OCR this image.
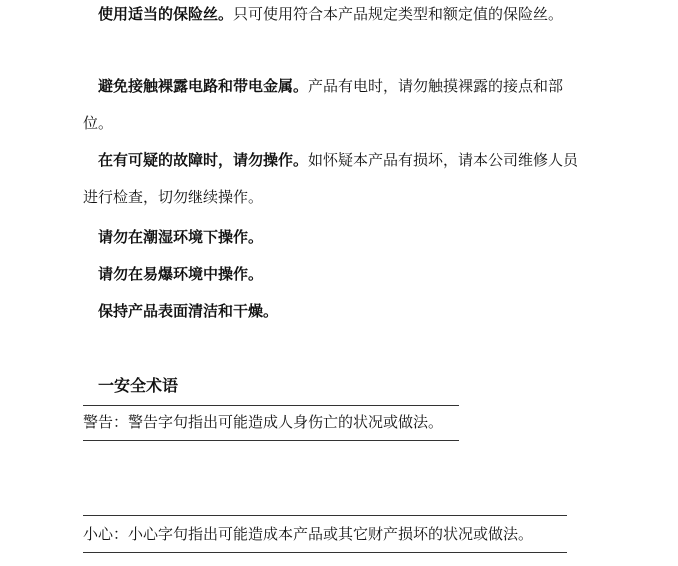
使用适当的保险丝。只可使用符合本产品规定类型和额定值的保险丝。

避免接触裸露电路和带电金属。产品有电时，请勿触摸裸露的接点和部位。

在有可疑的故障时，请勿操作。如怀疑本产品有损坏，请本公司维修人员进行检查，切勿继续操作。

请勿在潮湿环境下操作。

请勿在易爆环境中操作。

保持产品表面清洁和干燥。

一安全术语

警告：警告字句指出可能造成人身伤亡的状况或做法。

小心：小心字句指出可能造成本产品或其它财产损坏的状况或做法。
